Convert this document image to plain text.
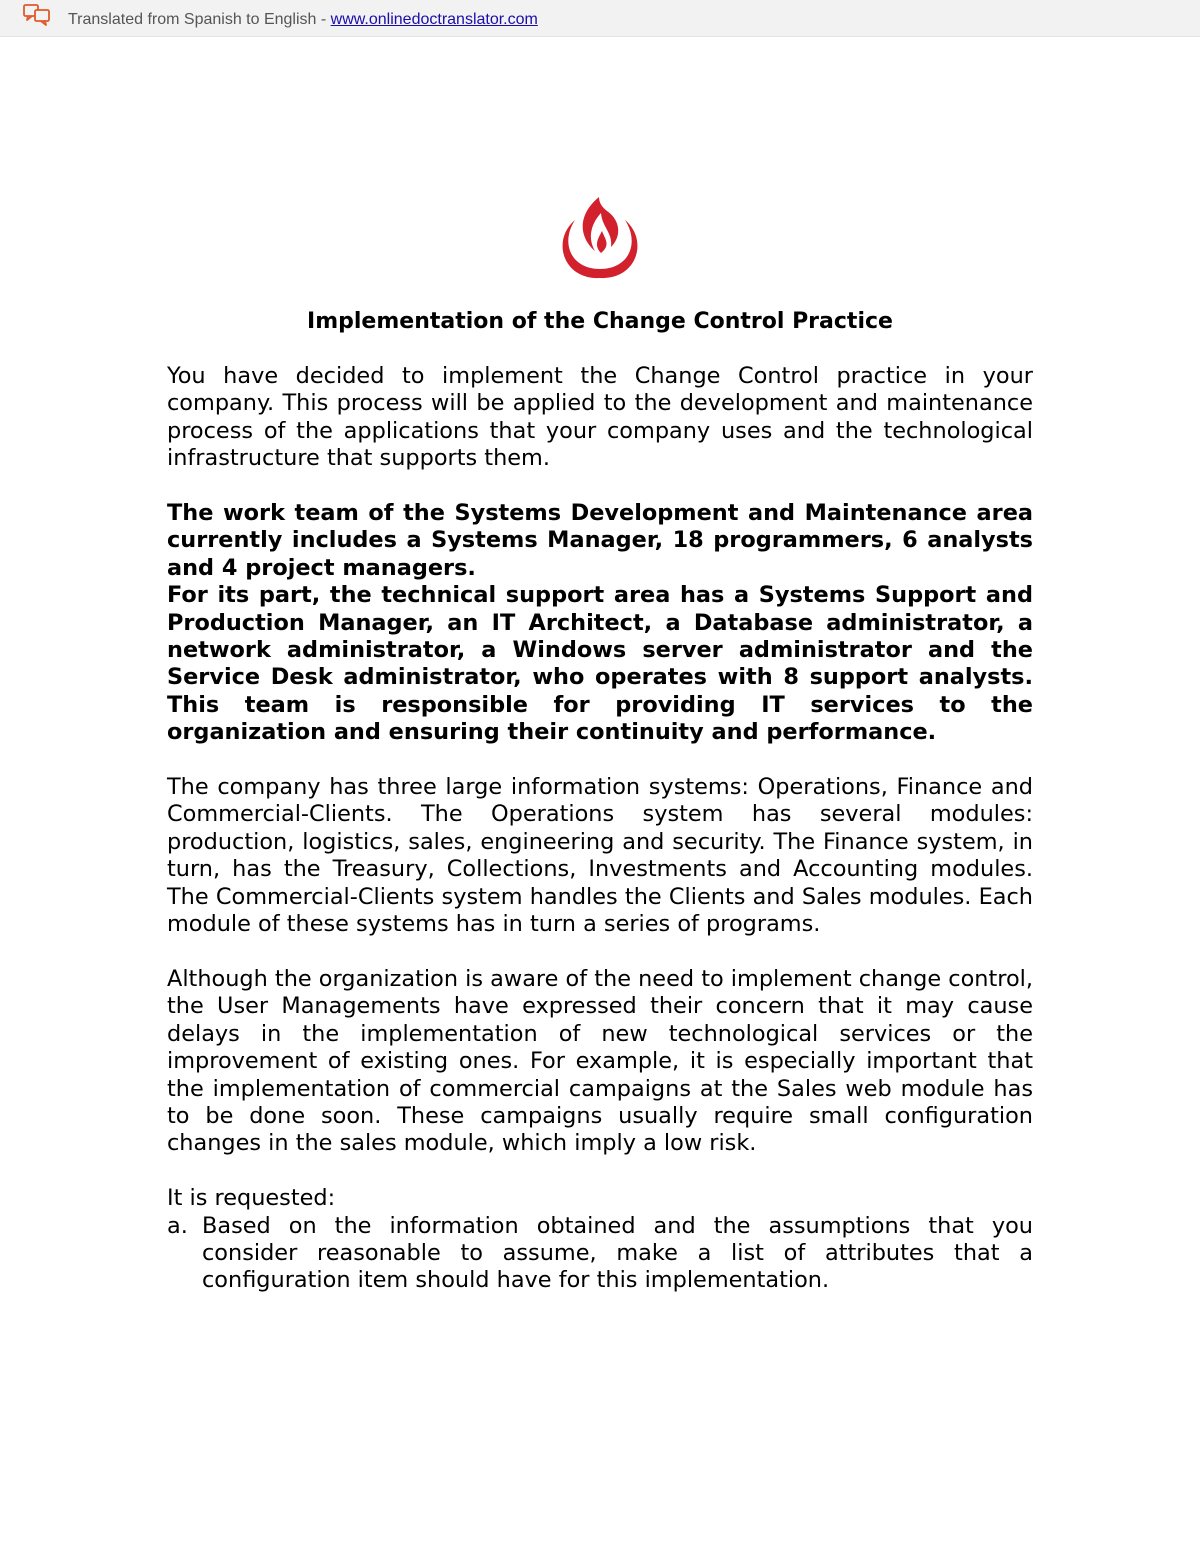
Translated from Spanish to English - www.onlinedoctranslator.com
Implementation of the Change Control Practice

You have decided to implement the Change Control practice in your company. This process will be applied to the development and maintenance process of the applications that your company uses and the technological infrastructure that supports them.

The work team of the Systems Development and Maintenance area currently includes a Systems Manager, 18 programmers, 6 analysts and 4 project managers.

For its part, the technical support area has a Systems Support and Production Manager, an IT Architect, a Database administrator, a network administrator, a Windows server administrator and the Service Desk administrator, who operates with 8 support analysts. This team is responsible for providing IT services to the organization and ensuring their continuity and performance.

The company has three large information systems: Operations, Finance and Commercial-Clients. The Operations system has several modules: production, logistics, sales, engineering and security. The Finance system, in turn, has the Treasury, Collections, Investments and Accounting modules. The Commercial-Clients system handles the Clients and Sales modules. Each module of these systems has in turn a series of programs.

Although the organization is aware of the need to implement change control, the User Managements have expressed their concern that it may cause delays in the implementation of new technological services or the improvement of existing ones. For example, it is especially important that the implementation of commercial campaigns at the Sales web module has to be done soon. These campaigns usually require small configuration changes in the sales module, which imply a low risk.

It is requested:

a. Based on the information obtained and the assumptions that you consider reasonable to assume, make a list of attributes that a configuration item should have for this implementation.
